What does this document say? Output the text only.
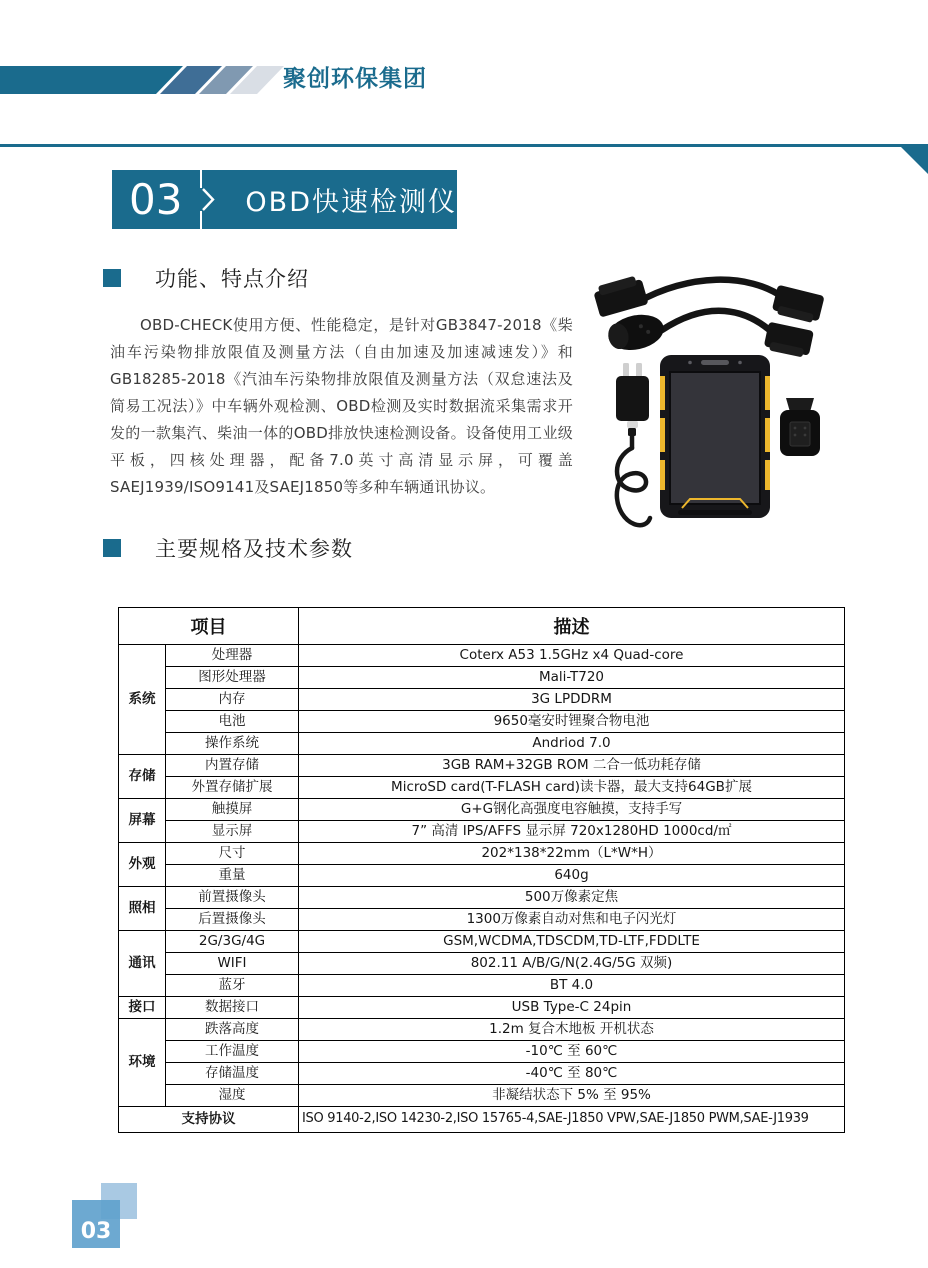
聚创环保集团
03	OBD快速检测仪
功能、特点介绍
OBD-CHECK使用方便、性能稳定，是针对GB3847-2018《柴油车污染物排放限值及测量方法（自由加速及加速减速发）》和GB18285-2018《汽油车污染物排放限值及测量方法（双怠速法及简易工况法）》中车辆外观检测、OBD检测及实时数据流采集需求开发的一款集汽、柴油一体的OBD排放快速检测设备。设备使用工业级平板，四核处理器，配备7.0英寸高清显示屏，可覆盖SAEJ1939/ISO9141及SAEJ1850等多种车辆通讯协议。
主要规格及技术参数
项目		描述
系统	处理器	Coterx A53 1.5GHz x4 Quad-core
	图形处理器	Mali-T720
	内存	3G LPDDRM
	电池	9650毫安时锂聚合物电池
	操作系统	Andriod 7.0
存储	内置存储	3GB RAM+32GB ROM 二合一低功耗存储
	外置存储扩展	MicroSD card(T-FLASH card)读卡器，最大支持64GB扩展
屏幕	触摸屏	G+G钢化高强度电容触摸，支持手写
	显示屏	7” 高清 IPS/AFFS 显示屏 720x1280HD 1000cd/㎡
外观	尺寸	202*138*22mm（L*W*H）
	重量	640g
照相	前置摄像头	500万像素定焦
	后置摄像头	1300万像素自动对焦和电子闪光灯
通讯	2G/3G/4G	GSM,WCDMA,TDSCDM,TD-LTF,FDDLTE
	WIFI	802.11 A/B/G/N(2.4G/5G 双频)
	蓝牙	BT 4.0
接口	数据接口	USB Type-C 24pin
环境	跌落高度	1.2m 复合木地板 开机状态
	工作温度	-10℃ 至 60℃
	存储温度	-40℃ 至 80℃
	湿度	非凝结状态下 5% 至 95%
支持协议		ISO 9140-2,ISO 14230-2,ISO 15765-4,SAE-J1850 VPW,SAE-J1850 PWM,SAE-J1939
03
